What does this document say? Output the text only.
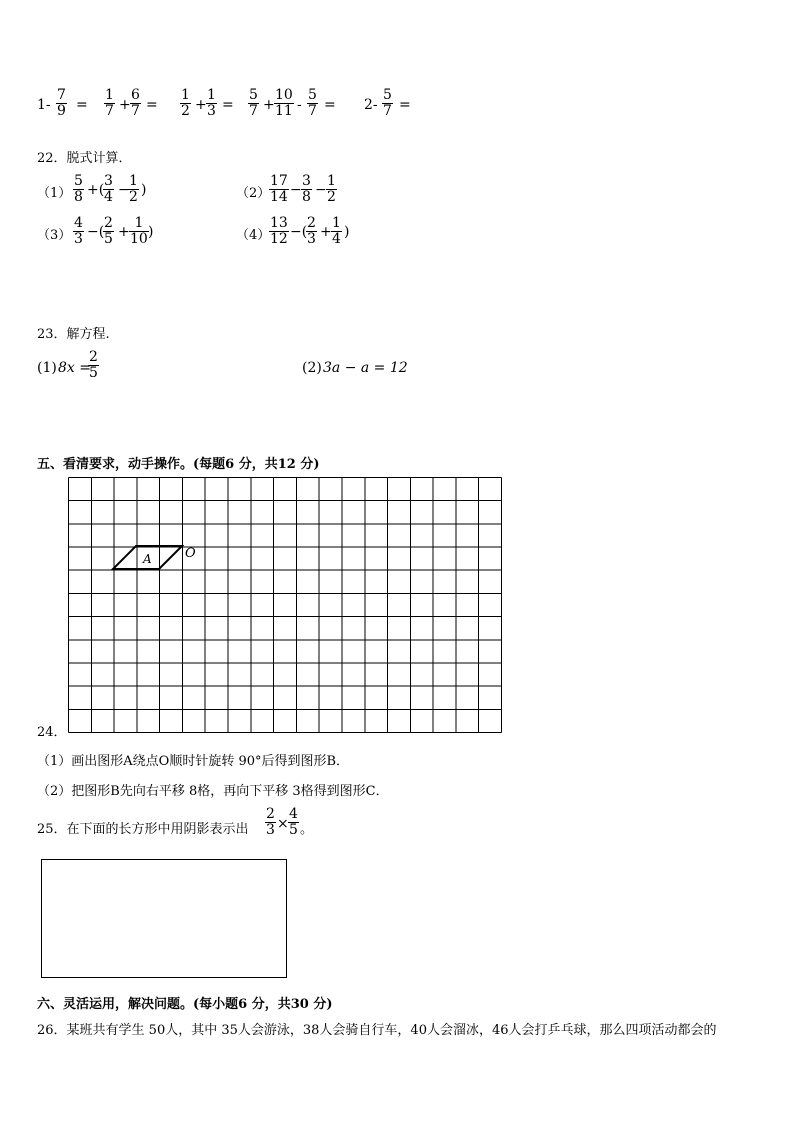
$1- \frac{7}{9} = \frac{1}{7} + \frac{6}{7} = \frac{1}{2} + \frac{1}{3} = \frac{5}{7} + \frac{10}{11} - \frac{5}{7} = 2- \frac{5}{7}$ =
22．脱式计算．
$(1) \frac{5}{8}$ +(
$\frac{3}{4}$ −
$\frac{1}{2}$ )	（2）
$\frac{17}{14} - \frac{3}{8} - \frac{1}{2}$
$(3) \frac{4}{3}$ −(
$\frac{2}{5} + \frac{1}{10}$ )	（4）
$\frac{13}{12}$ −(
$\frac{2}{3} + \frac{1}{4}$ )
23．解方程.
(1) 8x =
$\frac{2}{5}$	(2) 3a − a = 12
五、看清要求，动手操作。(每题6 分，共12 分)
A	O
24．
（1）画出图形A绕点O顺时针旋转 90°后得到图形B．
（2）把图形B先向右平移 8格，再向下平移 3格得到图形C．
25．在下面的长方形中用阴影表示出 $\frac{2}{3} \times \frac{4}{5}$ 。
六、灵活运用，解决问题。(每小题6 分，共30 分)
26．某班共有学生 50人，其中 35人会游泳，38人会骑自行车，40人会溜冰，46人会打乒乓球，那么四项活动都会的
